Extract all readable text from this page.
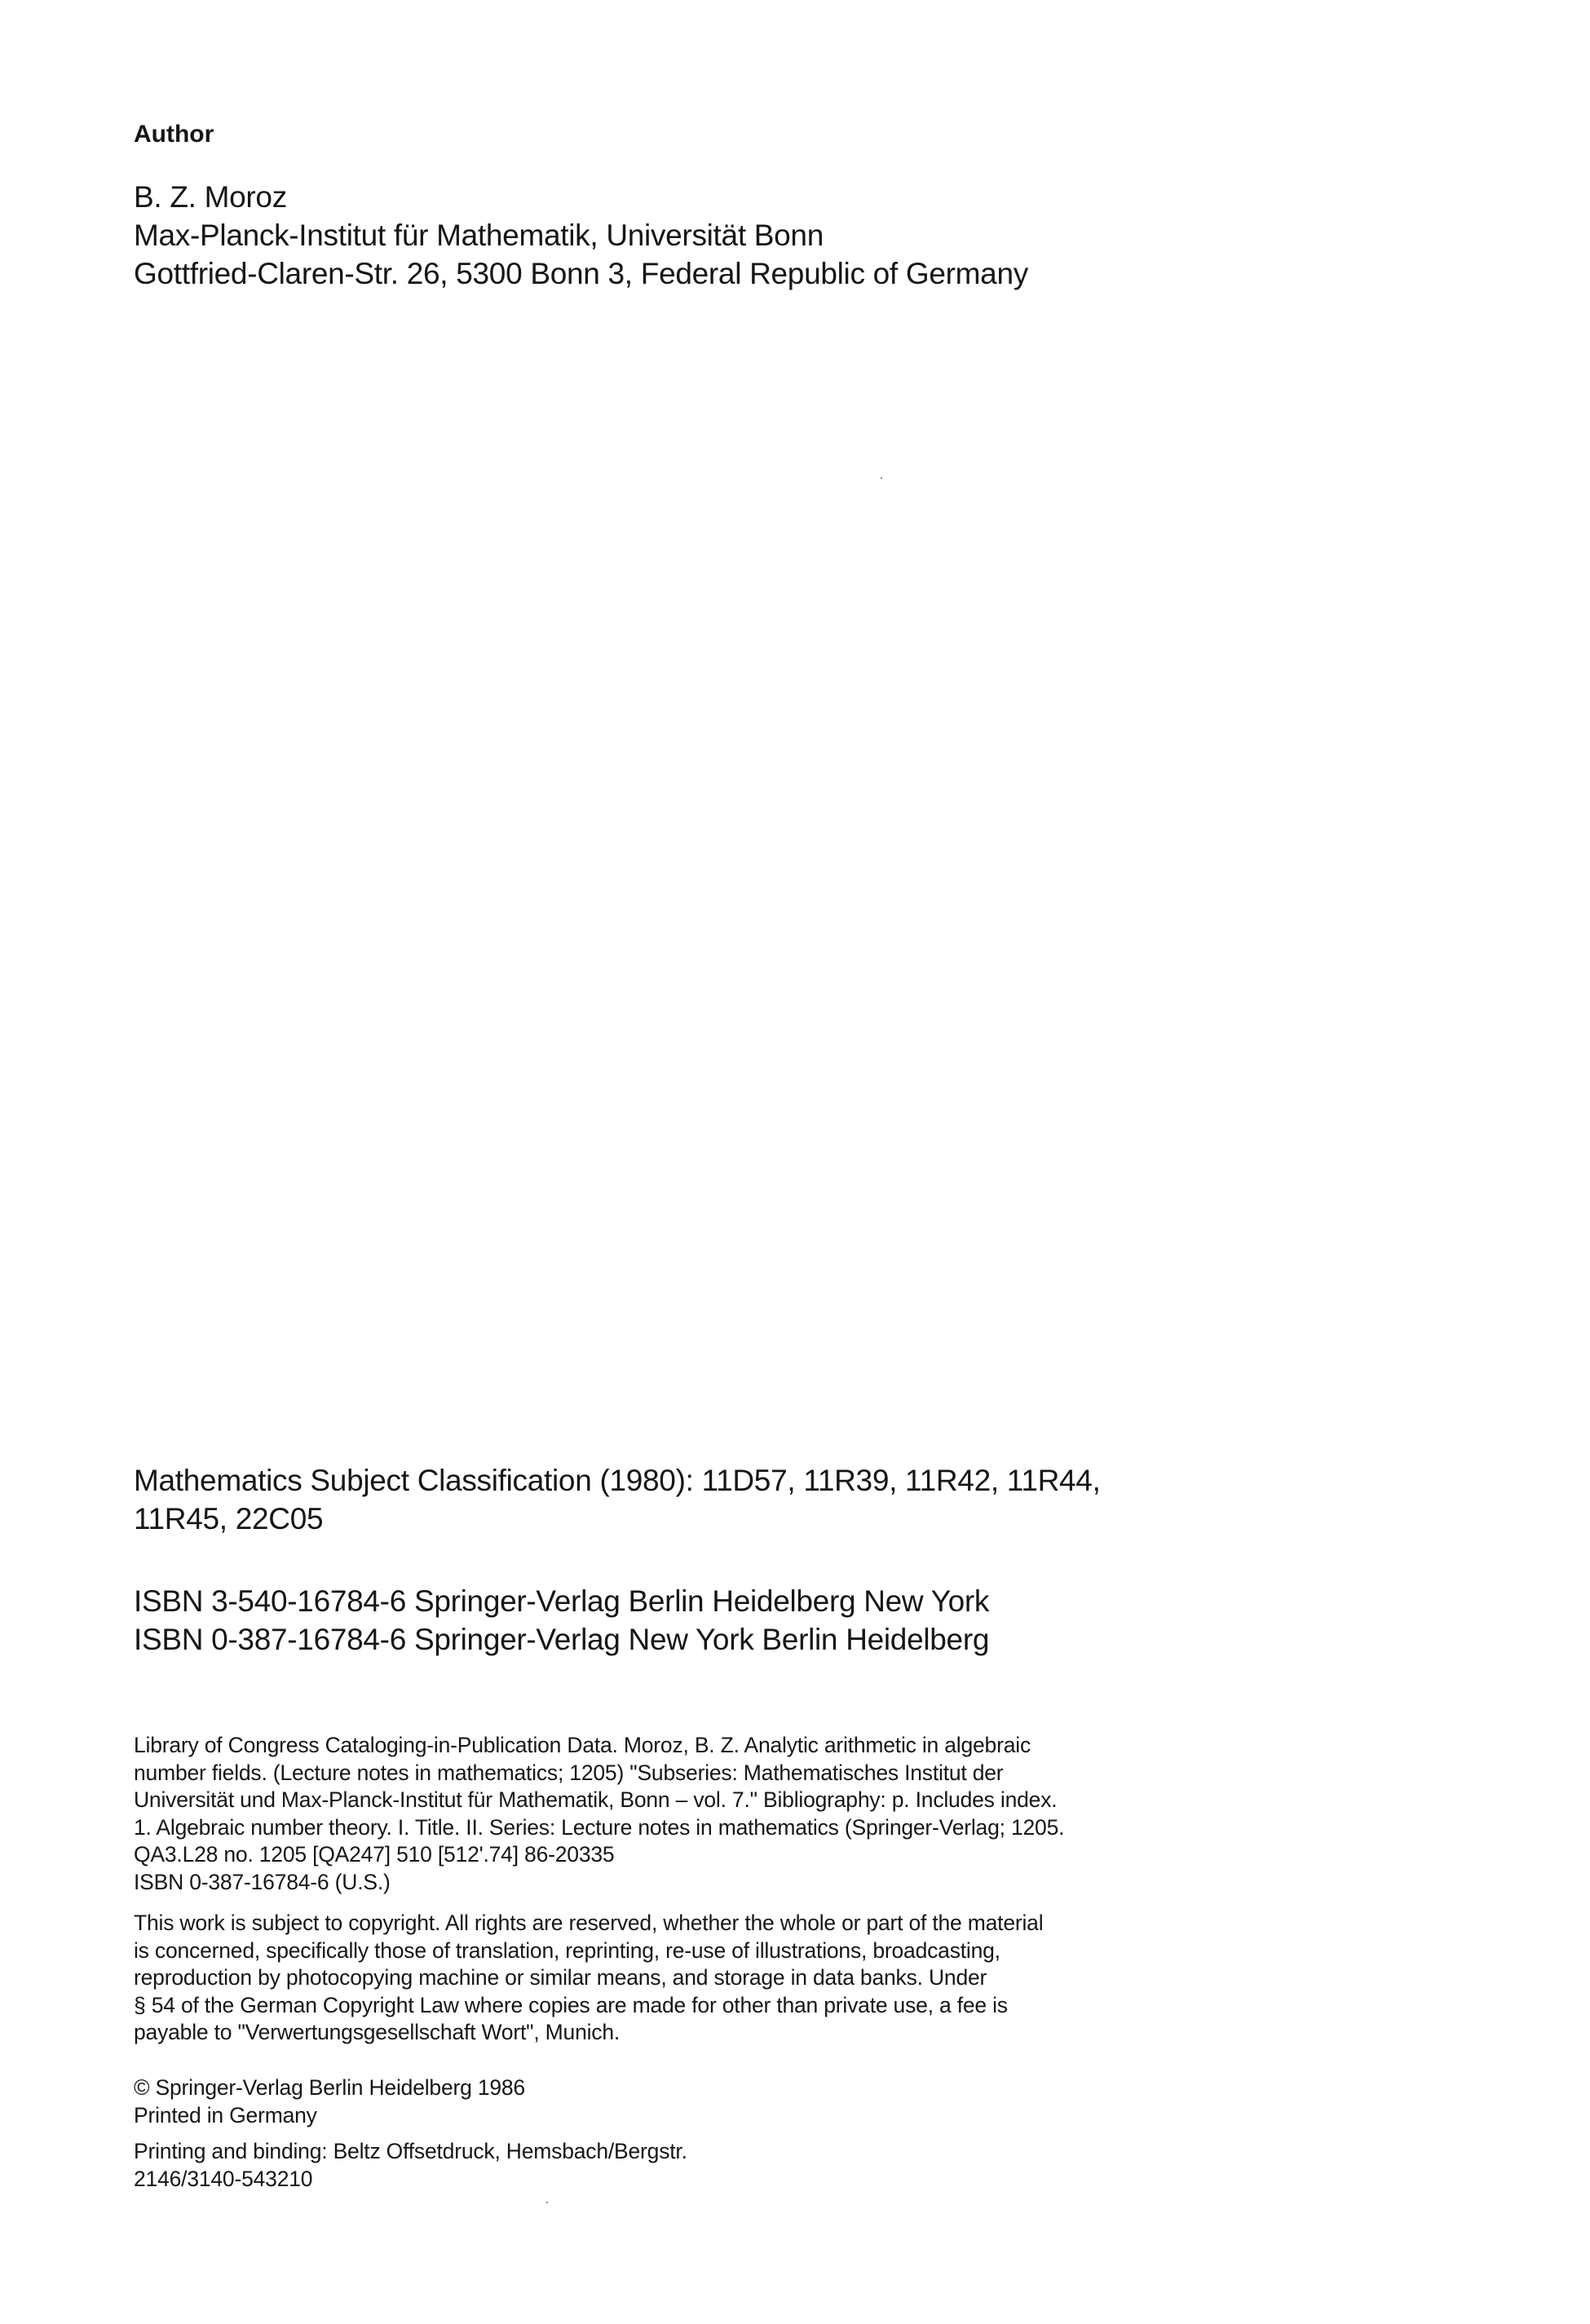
Author
B. Z. Moroz
Max-Planck-Institut für Mathematik, Universität Bonn
Gottfried-Claren-Str. 26, 5300 Bonn 3, Federal Republic of Germany
Mathematics Subject Classification (1980): 11D57, 11R39, 11R42, 11R44,
11R45, 22C05
ISBN 3-540-16784-6 Springer-Verlag Berlin Heidelberg New York
ISBN 0-387-16784-6 Springer-Verlag New York Berlin Heidelberg
Library of Congress Cataloging-in-Publication Data. Moroz, B. Z. Analytic arithmetic in algebraic
number fields. (Lecture notes in mathematics; 1205) "Subseries: Mathematisches Institut der
Universität und Max-Planck-Institut für Mathematik, Bonn – vol. 7." Bibliography: p. Includes index.
1. Algebraic number theory. I. Title. II. Series: Lecture notes in mathematics (Springer-Verlag; 1205.
QA3.L28 no. 1205 [QA247] 510 [512'.74] 86-20335
ISBN 0-387-16784-6 (U.S.)
This work is subject to copyright. All rights are reserved, whether the whole or part of the material
is concerned, specifically those of translation, reprinting, re-use of illustrations, broadcasting,
reproduction by photocopying machine or similar means, and storage in data banks. Under
§ 54 of the German Copyright Law where copies are made for other than private use, a fee is
payable to "Verwertungsgesellschaft Wort", Munich.
© Springer-Verlag Berlin Heidelberg 1986
Printed in Germany
Printing and binding: Beltz Offsetdruck, Hemsbach/Bergstr.
2146/3140-543210
